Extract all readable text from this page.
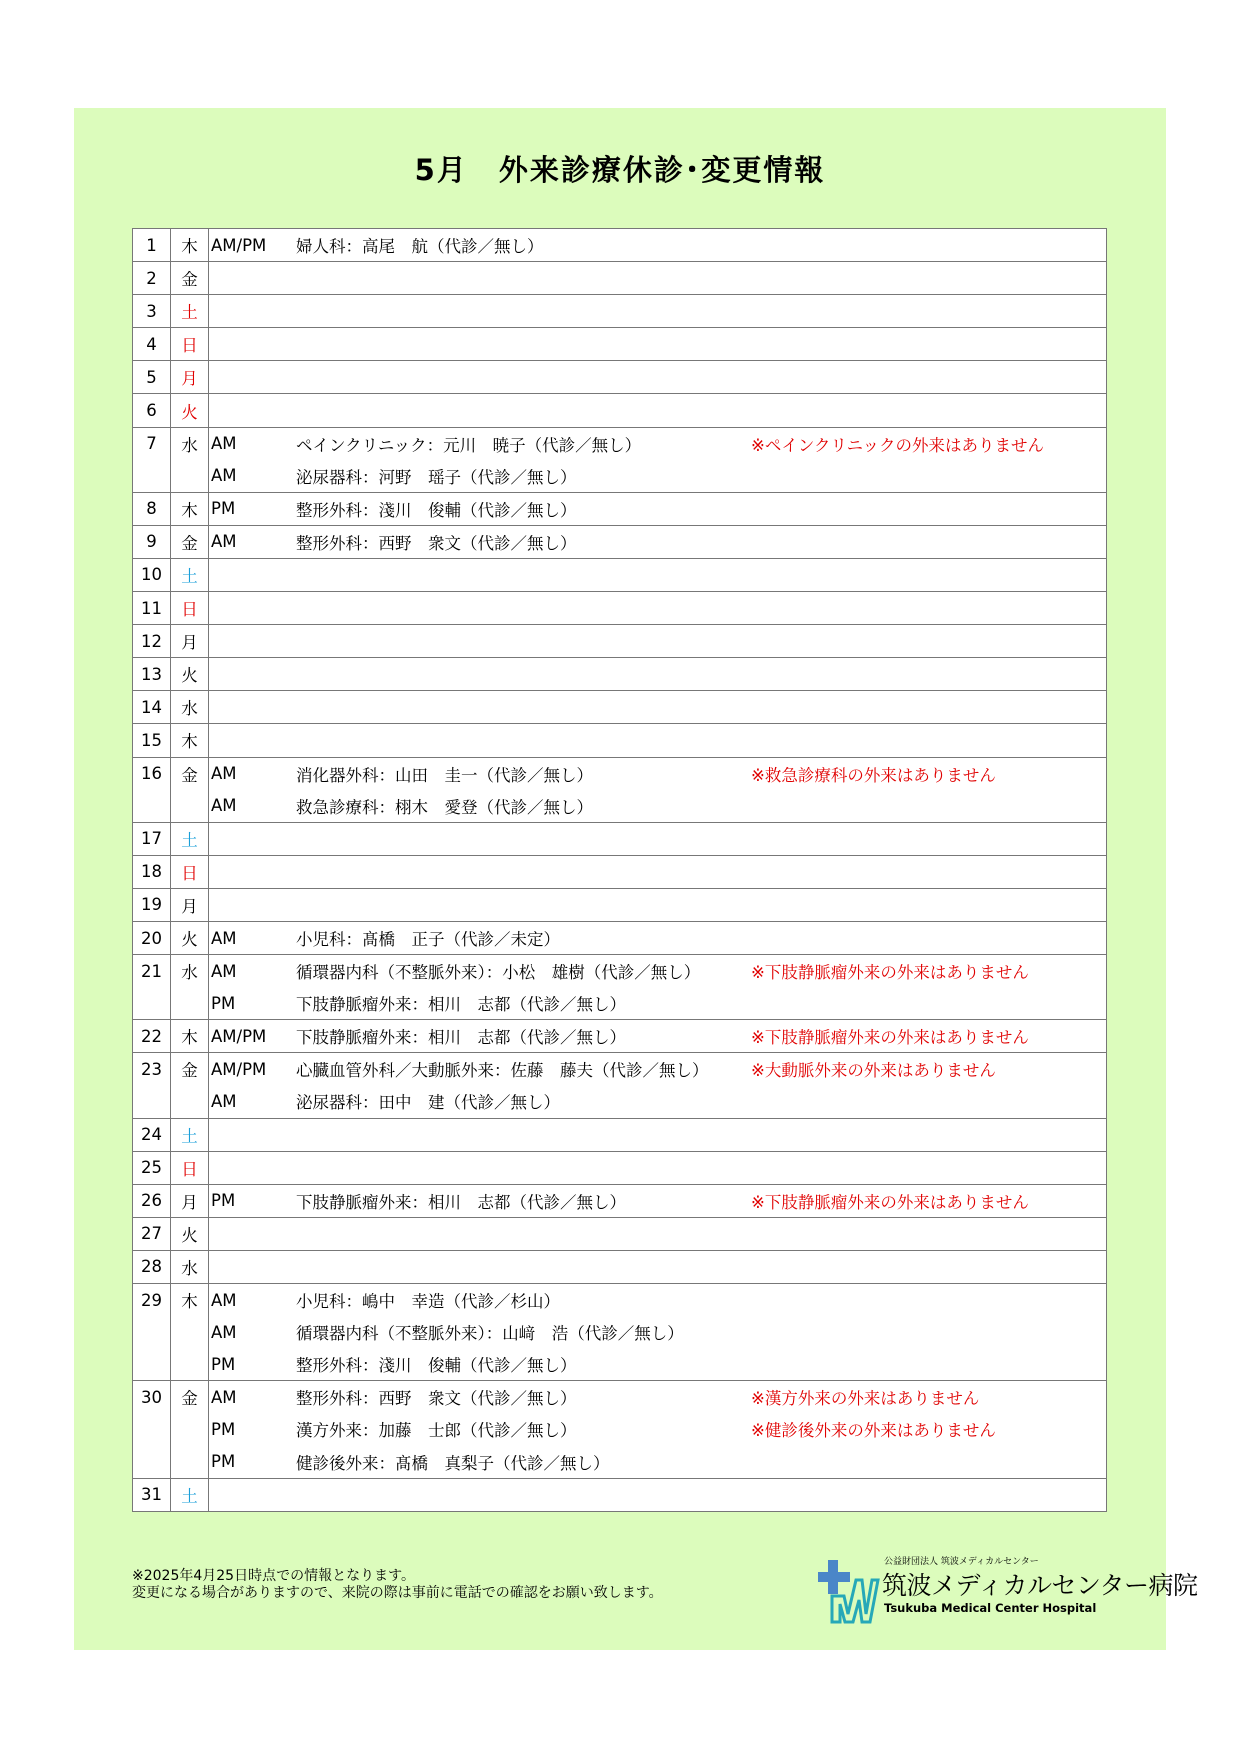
5月　外来診療休診･変更情報
1	木	AM/PM	婦人科：高尾　航（代診／無し）	
2	金			
3	土			
4	日			
5	月			
6	火			
7	水	AM	ペインクリニック：元川　暁子（代診／無し）	※ペインクリニックの外来はありません
		AM	泌尿器科：河野　瑶子（代診／無し）	
8	木	PM	整形外科：淺川　俊輔（代診／無し）	
9	金	AM	整形外科：西野　衆文（代診／無し）	
10	土			
11	日			
12	月			
13	火			
14	水			
15	木			
16	金	AM	消化器外科：山田　圭一（代診／無し）	※救急診療科の外来はありません
		AM	救急診療科：栩木　愛登（代診／無し）	
17	土			
18	日			
19	月			
20	火	AM	小児科：髙橋　正子（代診／未定）	
21	水	AM	循環器内科（不整脈外来）：小松　雄樹（代診／無し）	※下肢静脈瘤外来の外来はありません
		PM	下肢静脈瘤外来：相川　志都（代診／無し）	
22	木	AM/PM	下肢静脈瘤外来：相川　志都（代診／無し）	※下肢静脈瘤外来の外来はありません
23	金	AM/PM	心臓血管外科／大動脈外来：佐藤　藤夫（代診／無し）	※大動脈外来の外来はありません
		AM	泌尿器科：田中　建（代診／無し）	
24	土			
25	日			
26	月	PM	下肢静脈瘤外来：相川　志都（代診／無し）	※下肢静脈瘤外来の外来はありません
27	火			
28	水			
29	木	AM	小児科：嶋中　幸造（代診／杉山）	
		AM	循環器内科（不整脈外来）：山﨑　浩（代診／無し）	
		PM	整形外科：淺川　俊輔（代診／無し）	
30	金	AM	整形外科：西野　衆文（代診／無し）	※漢方外来の外来はありません
		PM	漢方外来：加藤　士郎（代診／無し）	※健診後外来の外来はありません
		PM	健診後外来：髙橋　真梨子（代診／無し）	
31	土			
※2025年4月25日時点での情報となります。
変更になる場合がありますので、来院の際は事前に電話での確認をお願い致します。
公益財団法人 筑波メディカルセンター
筑波メディカルセンター病院
Tsukuba Medical Center Hospital
